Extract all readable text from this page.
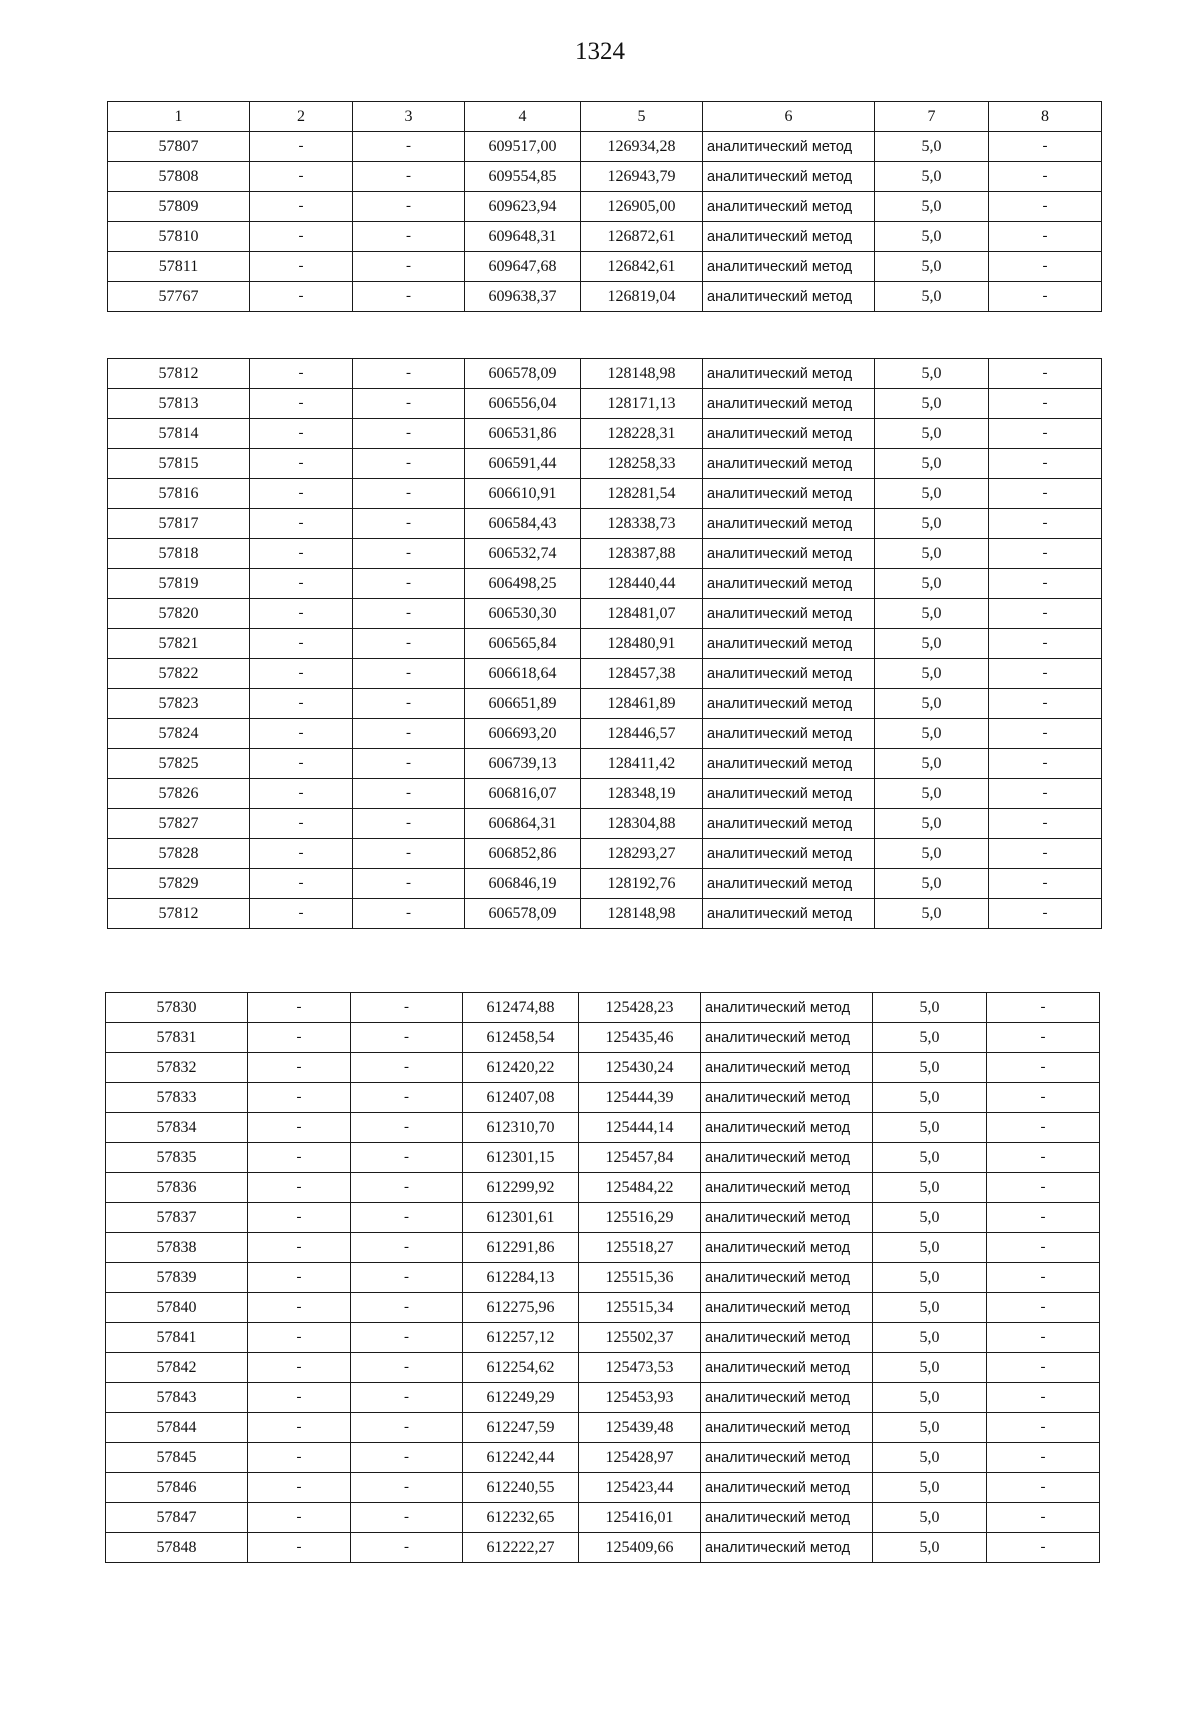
1324
1	2	3	4	5	6	7	8
57807	-	-	609517,00	126934,28	аналитический метод	5,0	-
57808	-	-	609554,85	126943,79	аналитический метод	5,0	-
57809	-	-	609623,94	126905,00	аналитический метод	5,0	-
57810	-	-	609648,31	126872,61	аналитический метод	5,0	-
57811	-	-	609647,68	126842,61	аналитический метод	5,0	-
57767	-	-	609638,37	126819,04	аналитический метод	5,0	-
57812	-	-	606578,09	128148,98	аналитический метод	5,0	-
57813	-	-	606556,04	128171,13	аналитический метод	5,0	-
57814	-	-	606531,86	128228,31	аналитический метод	5,0	-
57815	-	-	606591,44	128258,33	аналитический метод	5,0	-
57816	-	-	606610,91	128281,54	аналитический метод	5,0	-
57817	-	-	606584,43	128338,73	аналитический метод	5,0	-
57818	-	-	606532,74	128387,88	аналитический метод	5,0	-
57819	-	-	606498,25	128440,44	аналитический метод	5,0	-
57820	-	-	606530,30	128481,07	аналитический метод	5,0	-
57821	-	-	606565,84	128480,91	аналитический метод	5,0	-
57822	-	-	606618,64	128457,38	аналитический метод	5,0	-
57823	-	-	606651,89	128461,89	аналитический метод	5,0	-
57824	-	-	606693,20	128446,57	аналитический метод	5,0	-
57825	-	-	606739,13	128411,42	аналитический метод	5,0	-
57826	-	-	606816,07	128348,19	аналитический метод	5,0	-
57827	-	-	606864,31	128304,88	аналитический метод	5,0	-
57828	-	-	606852,86	128293,27	аналитический метод	5,0	-
57829	-	-	606846,19	128192,76	аналитический метод	5,0	-
57812	-	-	606578,09	128148,98	аналитический метод	5,0	-
57830	-	-	612474,88	125428,23	аналитический метод	5,0	-
57831	-	-	612458,54	125435,46	аналитический метод	5,0	-
57832	-	-	612420,22	125430,24	аналитический метод	5,0	-
57833	-	-	612407,08	125444,39	аналитический метод	5,0	-
57834	-	-	612310,70	125444,14	аналитический метод	5,0	-
57835	-	-	612301,15	125457,84	аналитический метод	5,0	-
57836	-	-	612299,92	125484,22	аналитический метод	5,0	-
57837	-	-	612301,61	125516,29	аналитический метод	5,0	-
57838	-	-	612291,86	125518,27	аналитический метод	5,0	-
57839	-	-	612284,13	125515,36	аналитический метод	5,0	-
57840	-	-	612275,96	125515,34	аналитический метод	5,0	-
57841	-	-	612257,12	125502,37	аналитический метод	5,0	-
57842	-	-	612254,62	125473,53	аналитический метод	5,0	-
57843	-	-	612249,29	125453,93	аналитический метод	5,0	-
57844	-	-	612247,59	125439,48	аналитический метод	5,0	-
57845	-	-	612242,44	125428,97	аналитический метод	5,0	-
57846	-	-	612240,55	125423,44	аналитический метод	5,0	-
57847	-	-	612232,65	125416,01	аналитический метод	5,0	-
57848	-	-	612222,27	125409,66	аналитический метод	5,0	-
